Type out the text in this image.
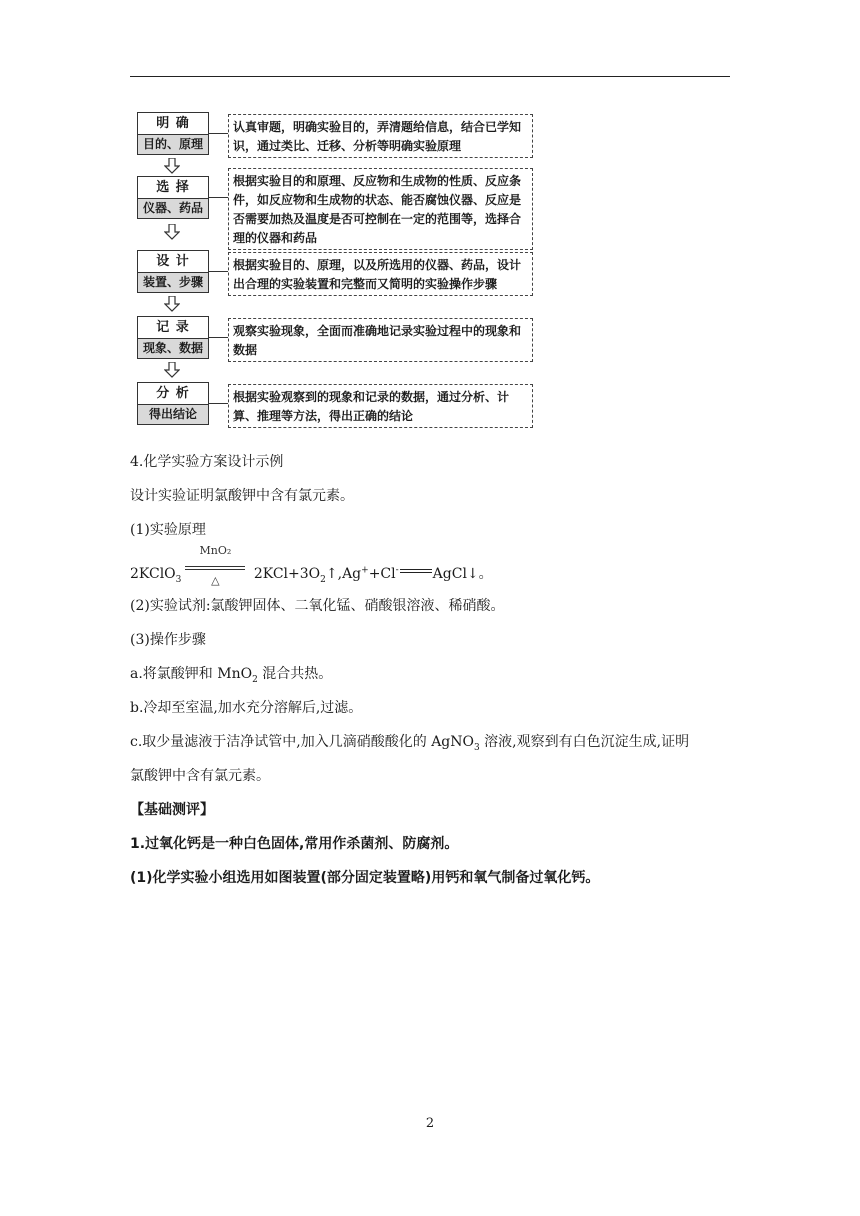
明 确
目的、原理
认真审题，明确实验目的，弄清题给信息，结合已学知识，通过类比、迁移、分析等明确实验原理
选 择
仪器、药品
根据实验目的和原理、反应物和生成物的性质、反应条件，如反应物和生成物的状态、能否腐蚀仪器、反应是否需要加热及温度是否可控制在一定的范围等，选择合理的仪器和药品
设 计
装置、步骤
根据实验目的、原理，以及所选用的仪器、药品，设计出合理的实验装置和完整而又简明的实验操作步骤
记 录
现象、数据
观察实验现象，全面而准确地记录实验过程中的现象和数据
分 析
得出结论
根据实验观察到的现象和记录的数据，通过分析、计算、推理等方法，得出正确的结论
4.化学实验方案设计示例
设计实验证明氯酸钾中含有氯元素。
(1)实验原理
2KClO$_3$
MnO₂
△	$2KCl+3O_2↑,Ag^++Cl^-$ AgCl↓。
(2)实验试剂:氯酸钾固体、二氧化锰、硝酸银溶液、稀硝酸。
(3)操作步骤
a.将氯酸钾和 MnO$_2$ 混合共热。
b.冷却至室温,加水充分溶解后,过滤。
c.取少量滤液于洁净试管中,加入几滴硝酸酸化的 AgNO$_3$ 溶液,观察到有白色沉淀生成,证明
氯酸钾中含有氯元素。
【基础测评】
1.过氧化钙是一种白色固体,常用作杀菌剂、防腐剂。
(1)化学实验小组选用如图装置(部分固定装置略)用钙和氧气制备过氧化钙。
2
